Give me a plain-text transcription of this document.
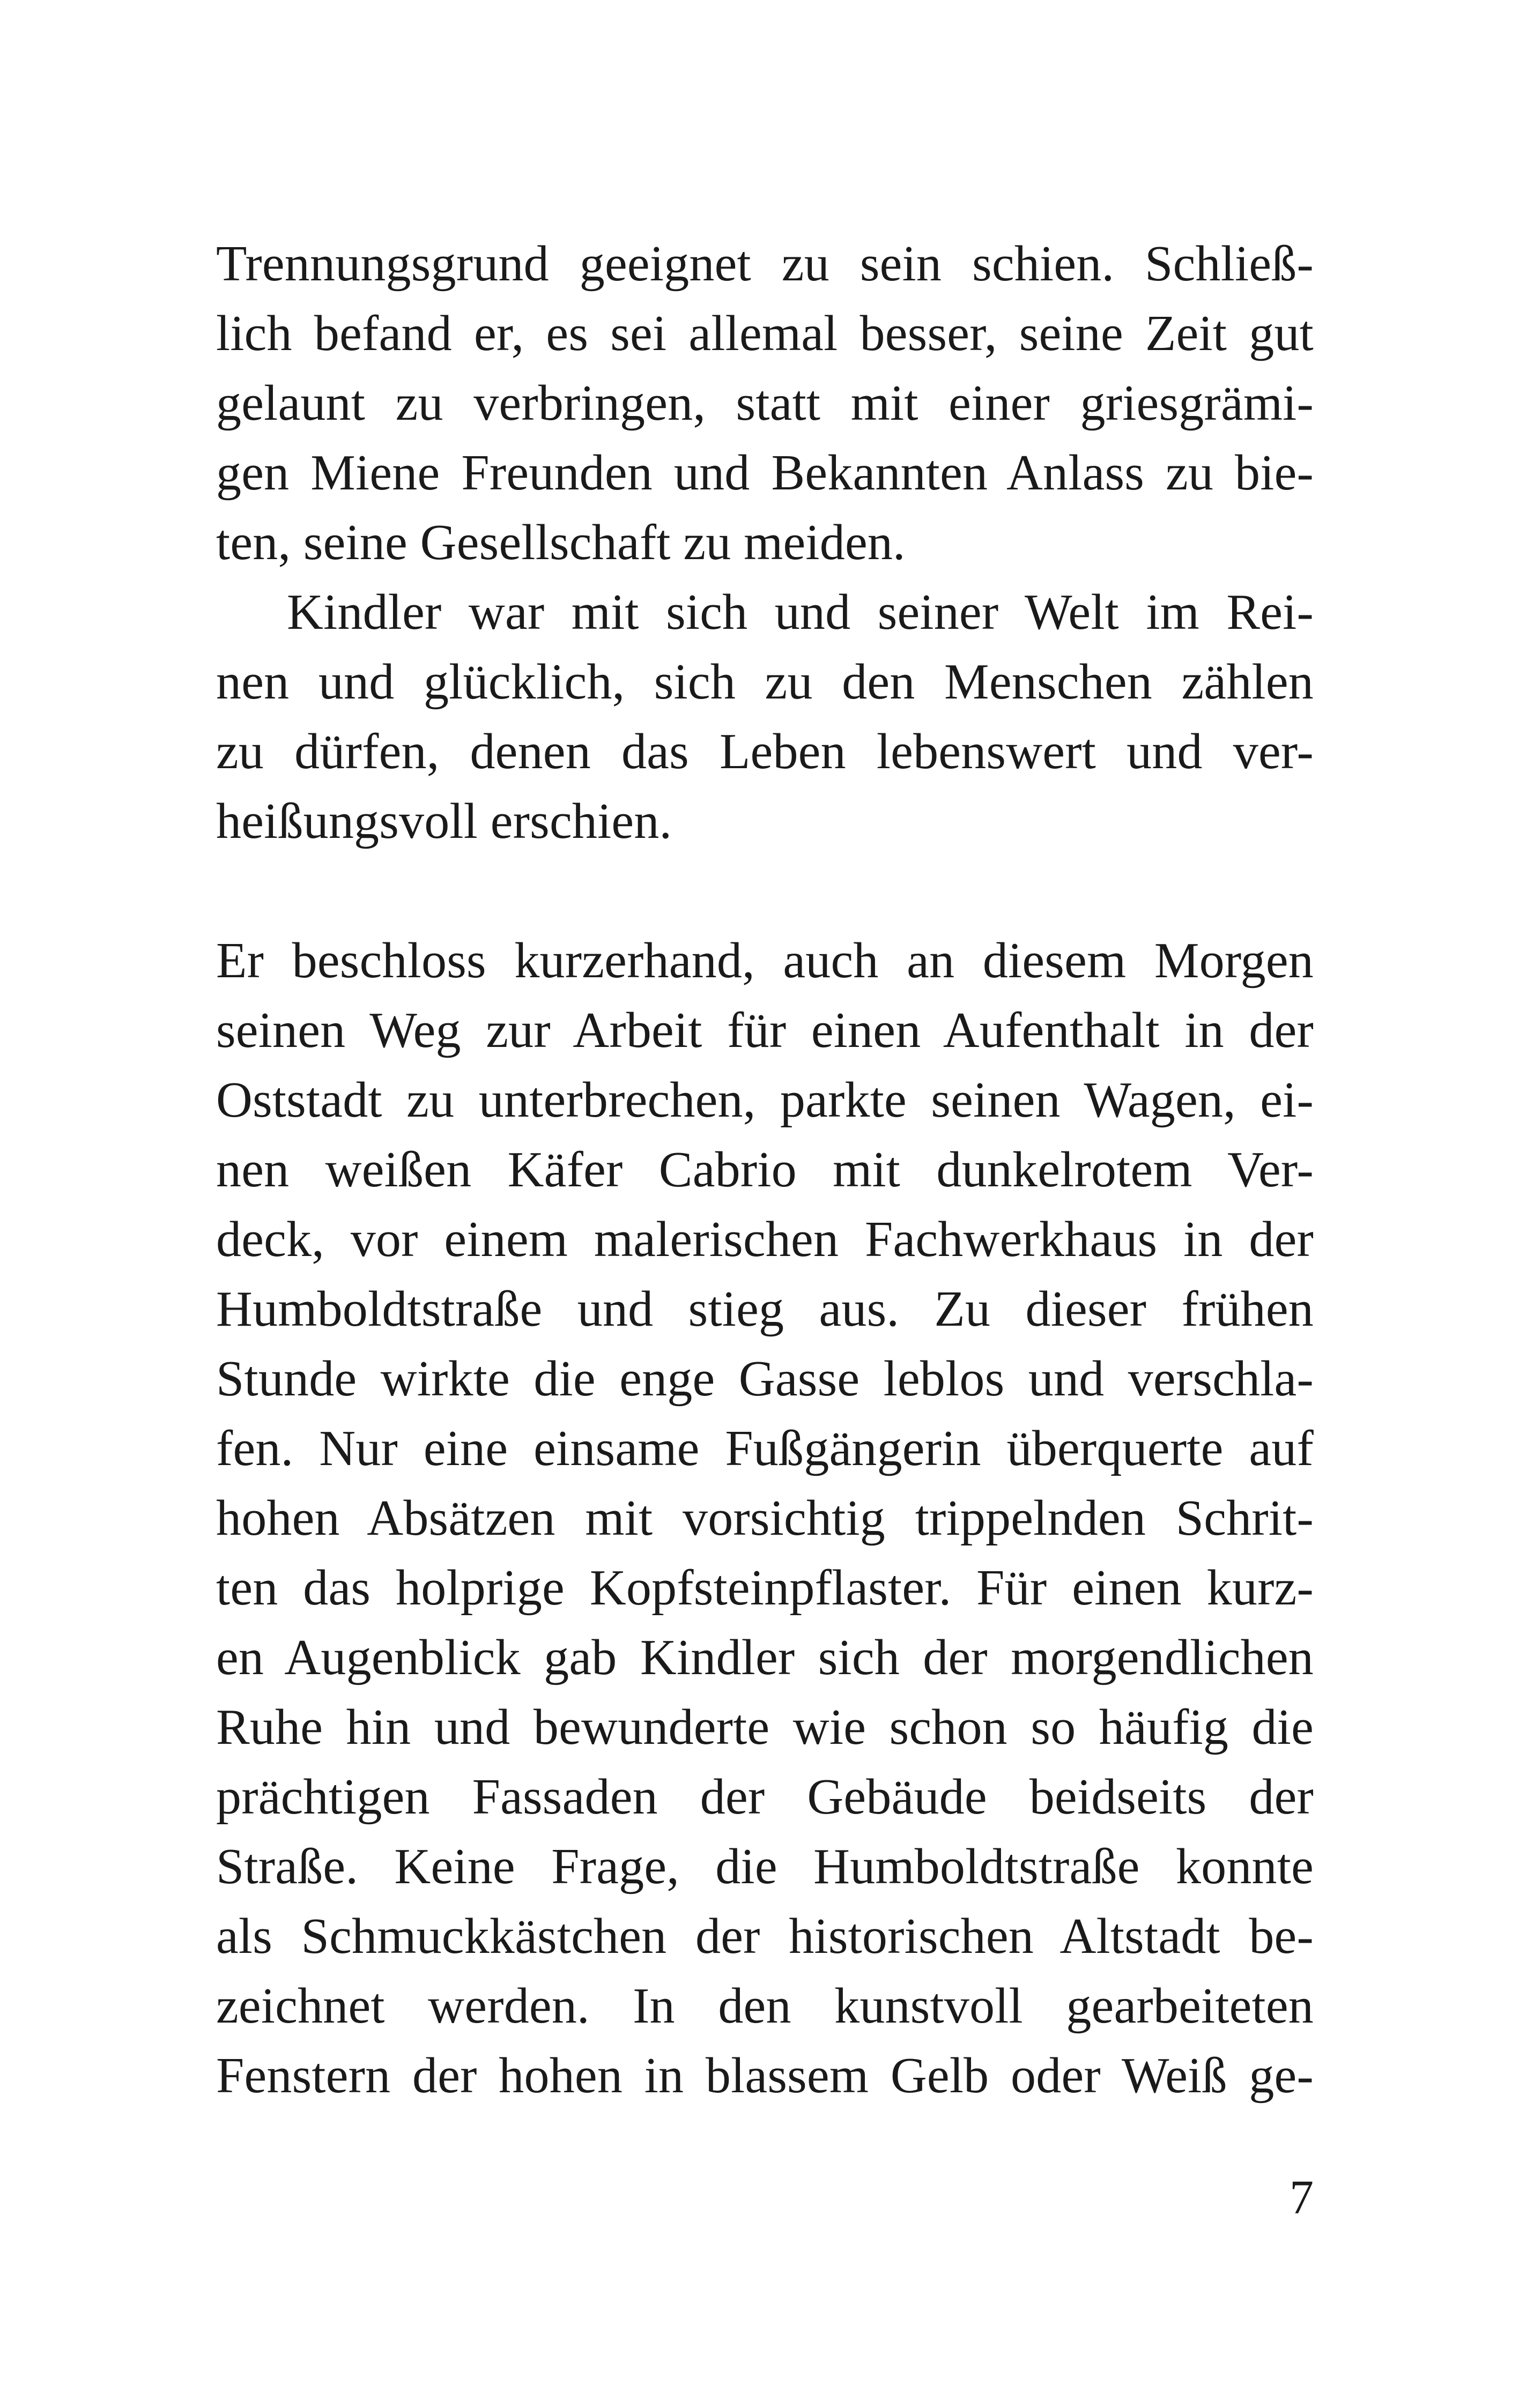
Trennungsgrund geeignet zu sein schien. Schließ-
lich befand er, es sei allemal besser, seine Zeit gut
gelaunt zu verbringen, statt mit einer griesgrämi-
gen Miene Freunden und Bekannten Anlass zu bie-
ten, seine Gesellschaft zu meiden.
Kindler war mit sich und seiner Welt im Rei-
nen und glücklich, sich zu den Menschen zählen
zu dürfen, denen das Leben lebenswert und ver-
heißungsvoll erschien.
Er beschloss kurzerhand, auch an diesem Morgen
seinen Weg zur Arbeit für einen Aufenthalt in der
Oststadt zu unterbrechen, parkte seinen Wagen, ei-
nen weißen Käfer Cabrio mit dunkelrotem Ver-
deck, vor einem malerischen Fachwerkhaus in der
Humboldtstraße und stieg aus. Zu dieser frühen
Stunde wirkte die enge Gasse leblos und verschla-
fen. Nur eine einsame Fußgängerin überquerte auf
hohen Absätzen mit vorsichtig trippelnden Schrit-
ten das holprige Kopfsteinpflaster. Für einen kurz-
en Augenblick gab Kindler sich der morgendlichen
Ruhe hin und bewunderte wie schon so häufig die
prächtigen Fassaden der Gebäude beidseits der
Straße. Keine Frage, die Humboldtstraße konnte
als Schmuckkästchen der historischen Altstadt be-
zeichnet werden. In den kunstvoll gearbeiteten
Fenstern der hohen in blassem Gelb oder Weiß ge-
7
